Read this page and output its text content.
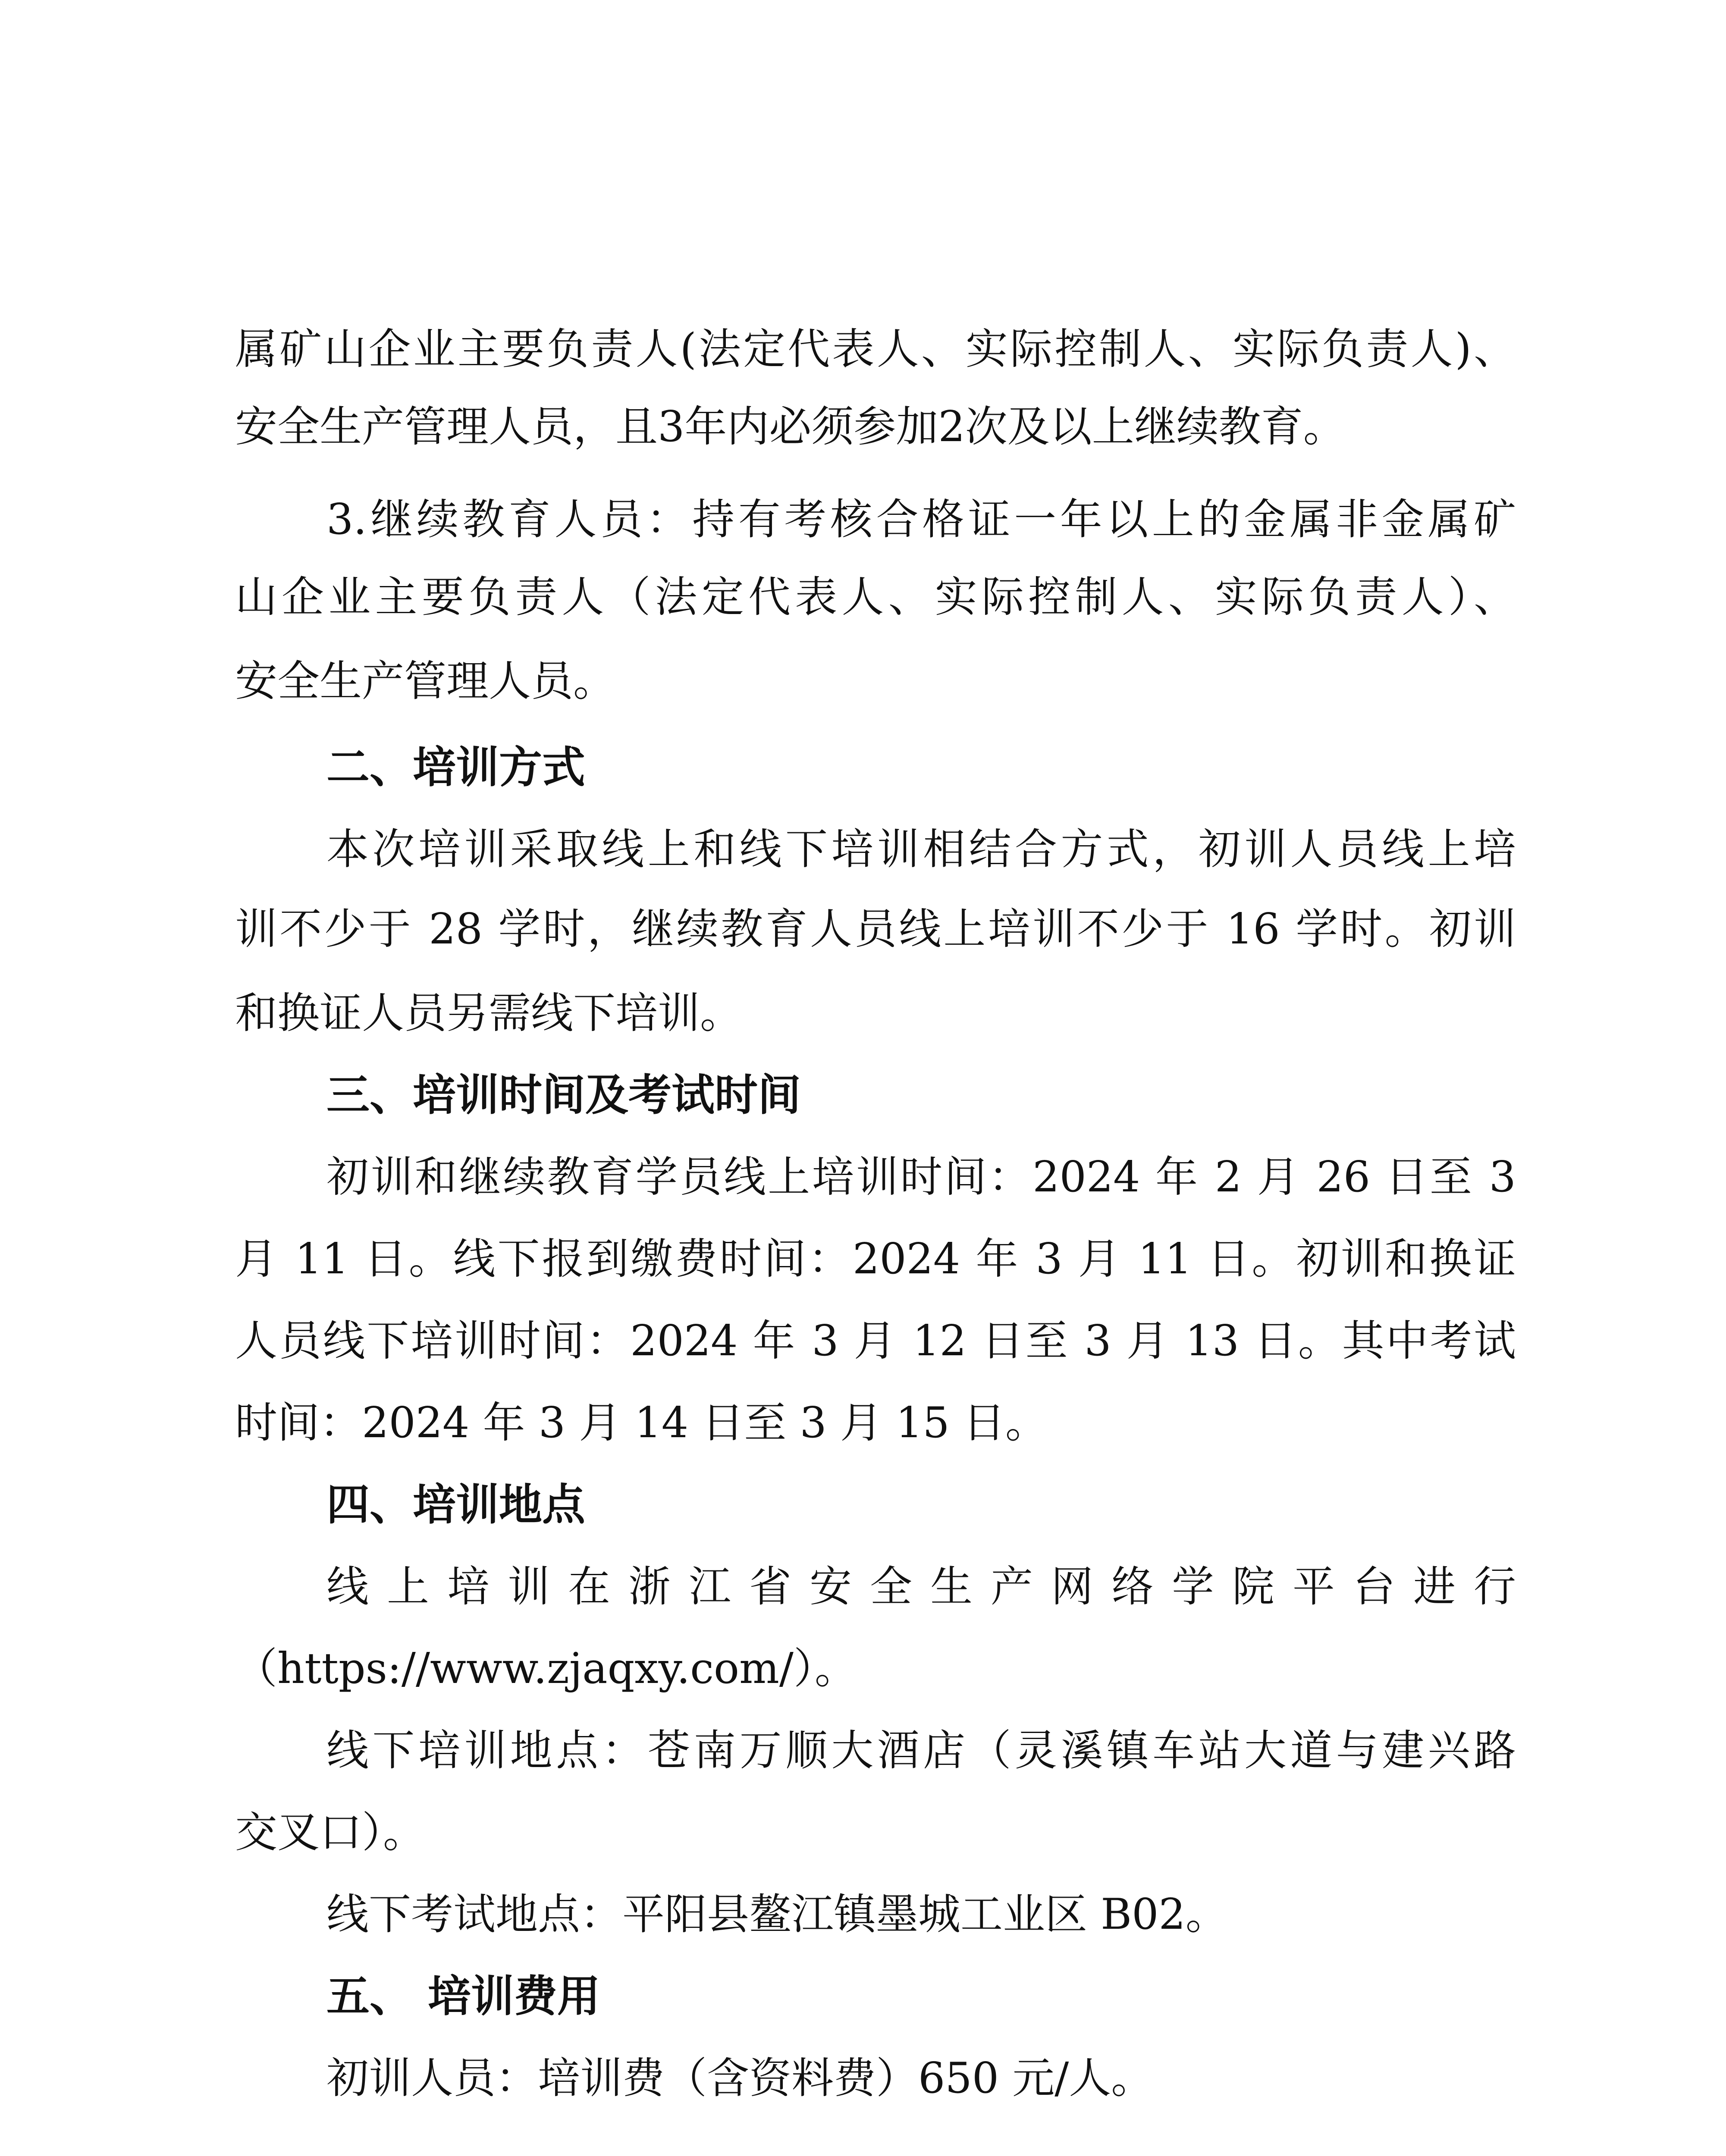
属矿山企业主要负责人(法定代表人、实际控制人、实际负责人)、
安全生产管理人员，且3年内必须参加2次及以上继续教育。
3.继续教育人员：持有考核合格证一年以上的金属非金属矿
山企业主要负责人（法定代表人、实际控制人、实际负责人）、
安全生产管理人员。
二、培训方式
本次培训采取线上和线下培训相结合方式，初训人员线上培
训不少于 28 学时，继续教育人员线上培训不少于 16 学时。初训
和换证人员另需线下培训。
三、培训时间及考试时间
初训和继续教育学员线上培训时间：2024 年 2 月 26 日至 3
月 11 日。线下报到缴费时间：2024 年 3 月 11 日。初训和换证
人员线下培训时间：2024 年 3 月 12 日至 3 月 13 日。其中考试
时间：2024 年 3 月 14 日至 3 月 15 日。
四、培训地点
线 上 培 训 在 浙 江 省 安 全 生 产 网 络 学 院 平 台 进 行
（https://www.zjaqxy.com/）。
线下培训地点：苍南万顺大酒店（灵溪镇车站大道与建兴路
交叉口）。
线下考试地点：平阳县鳌江镇墨城工业区 B02。
五、 培训费用
初训人员：培训费（含资料费）650 元/人。
